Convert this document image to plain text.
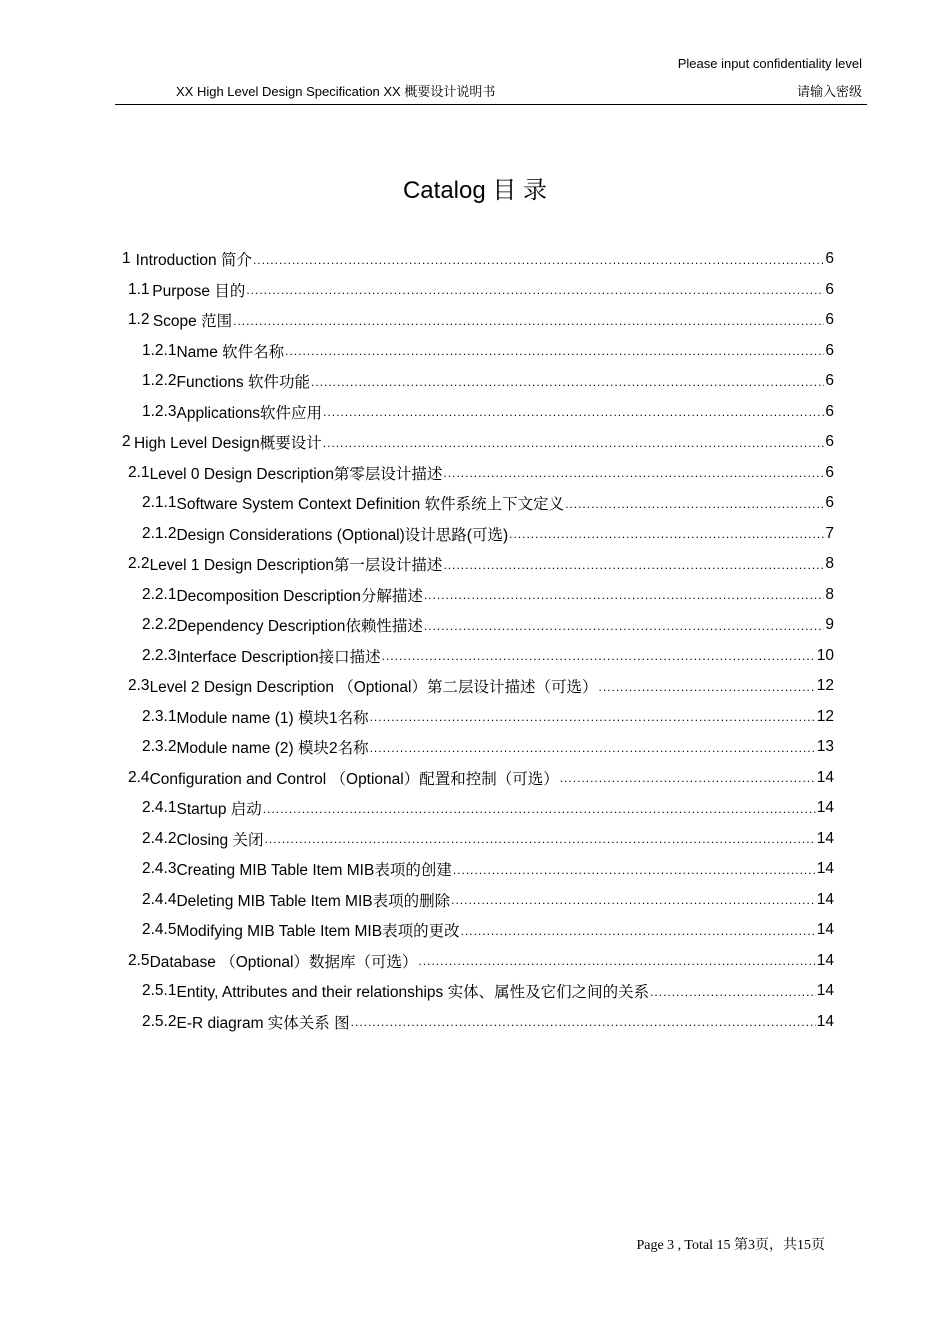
Please input confidentiality level
XX High Level Design Specification XX 概要设计说明书	请输入密级
Catalog 目 录
1 Introduction 简介 .....	6
1.1 Purpose 目的 .....	6
1.2 Scope 范围 .....	6
1.2.1 Name 软件名称 .....	6
1.2.2 Functions 软件功能 .....	6
1.2.3 Applications软件应用 .....	6
2 High Level Design概要设计 .....	6
2.1 Level 0 Design Description第零层设计描述 .....	6
2.1.1 Software System Context Definition 软件系统上下文定义 .....	6
2.1.2 Design Considerations (Optional)设计思路(可选) .....	7
2.2 Level 1 Design Description第一层设计描述 .....	8
2.2.1 Decomposition Description分解描述 .....	8
2.2.2 Dependency Description依赖性描述 .....	9
2.2.3 Interface Description接口描述 .....	10
2.3 Level 2 Design Description （Optional）第二层设计描述（可选） .....	12
2.3.1 Module name (1) 模块1名称 .....	12
2.3.2 Module name (2) 模块2名称 .....	13
2.4 Configuration and Control （Optional）配置和控制（可选） .....	14
2.4.1 Startup 启动 .....	14
2.4.2 Closing 关闭 .....	14
2.4.3 Creating MIB Table Item MIB表项的创建 .....	14
2.4.4 Deleting MIB Table Item MIB表项的删除 .....	14
2.4.5 Modifying MIB Table Item MIB表项的更改 .....	14
2.5 Database （Optional）数据库（可选） .....	14
2.5.1 Entity, Attributes and their relationships 实体、属性及它们之间的关系 .....	14
2.5.2 E-R diagram 实体关系 图 .....	14
Page 3 , Total 15 第3页，共15页
